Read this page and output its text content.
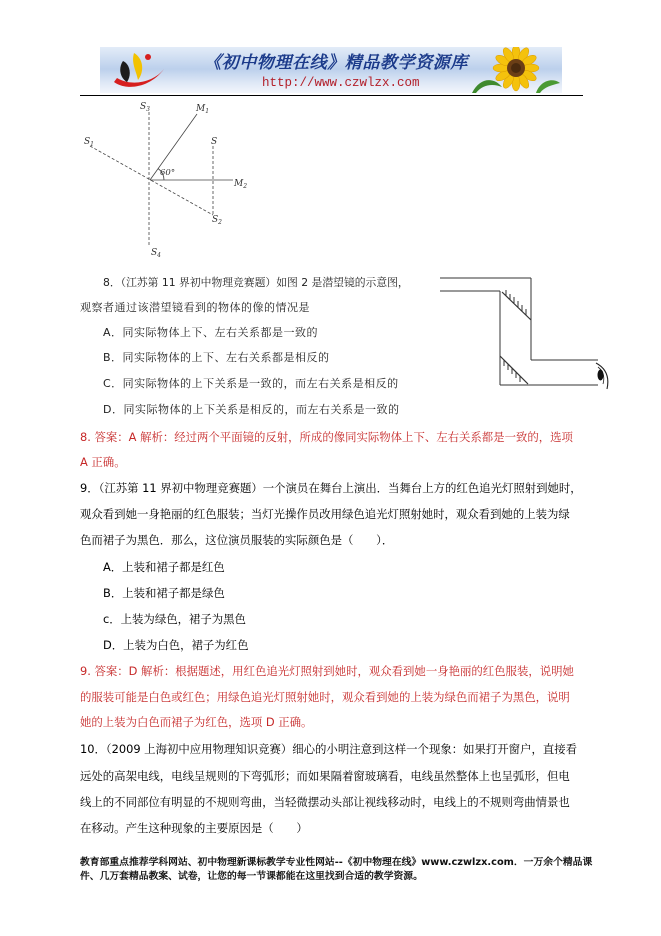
《初中物理在线》精品教学资源库
http://www.czwlzx.com
$S_3$	$M_1$
$S_1$	S
60°
$M_2$
$S_2$
$S_4$
8．（江苏第 11 界初中物理竞赛题）如图 2 是潜望镜的示意图，
观察者通过该潜望镜看到的物体的像的情况是
A．同实际物体上下、左右关系都是一致的
B．同实际物体的上下、左右关系都是相反的
C．同实际物体的上下关系是一致的，而左右关系是相反的
D．同实际物体的上下关系是相反的，而左右关系是一致的
8. 答案：A 解析：经过两个平面镜的反射，所成的像同实际物体上下、左右关系都是一致的，选项
A 正确。
9．（江苏第 11 界初中物理竞赛题）一个演员在舞台上演出．当舞台上方的红色追光灯照射到她时，
观众看到她一身艳丽的红色服装；当灯光操作员改用绿色追光灯照射她时，观众看到她的上装为绿
色而裙子为黑色．那么，这位演员服装的实际颜色是（　　）．
A．上装和裙子都是红色
B．上装和裙子都是绿色
c．上装为绿色，裙子为黑色
D．上装为白色，裙子为红色
9. 答案：D 解析：根据题述，用红色追光灯照射到她时，观众看到她一身艳丽的红色服装，说明她
的服装可能是白色或红色；用绿色追光灯照射她时，观众看到她的上装为绿色而裙子为黑色，说明
她的上装为白色而裙子为红色，选项 D 正确。
10．（2009 上海初中应用物理知识竞赛）细心的小明注意到这样一个现象：如果打开窗户，直接看
远处的高架电线，电线呈规则的下弯弧形；而如果隔着窗玻璃看，电线虽然整体上也呈弧形，但电
线上的不同部位有明显的不规则弯曲，当轻微摆动头部让视线移动时，电线上的不规则弯曲情景也
在移动。产生这种现象的主要原因是（　　）
教育部重点推荐学科网站、初中物理新课标教学专业性网站--《初中物理在线》www.czwlzx.com．一万余个精品课
件、几万套精品教案、试卷，让您的每一节课都能在这里找到合适的教学资源。
